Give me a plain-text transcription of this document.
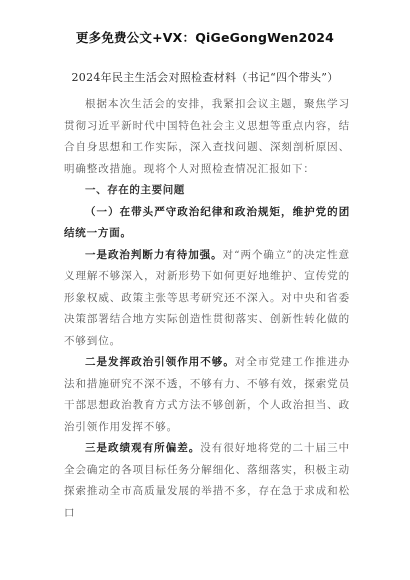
更多免费公文+VX：QiGeGongWen2024
2024年民主生活会对照检查材料（书记“四个带头”）

根据本次生活会的安排，我紧扣会议主题，聚焦学习贯彻习近平新时代中国特色社会主义思想等重点内容，结合自身思想和工作实际，深入查找问题、深刻剖析原因、明确整改措施。现将个人对照检查情况汇报如下：

一、存在的主要问题

（一）在带头严守政治纪律和政治规矩，维护党的团结统一方面。

一是政治判断力有待加强。对“两个确立”的决定性意义理解不够深入，对新形势下如何更好地维护、宣传党的形象权威、政策主张等思考研究还不深入。对中央和省委决策部署结合地方实际创造性贯彻落实、创新性转化做的不够到位。

二是发挥政治引领作用不够。对全市党建工作推进办法和措施研究不深不透，不够有力、不够有效，探索党员干部思想政治教育方式方法不够创新，个人政治担当、政治引领作用发挥不够。

三是政绩观有所偏差。没有很好地将党的二十届三中全会确定的各项目标任务分解细化、落细落实，积极主动探索推动全市高质量发展的举措不多，存在急于求成和松口
